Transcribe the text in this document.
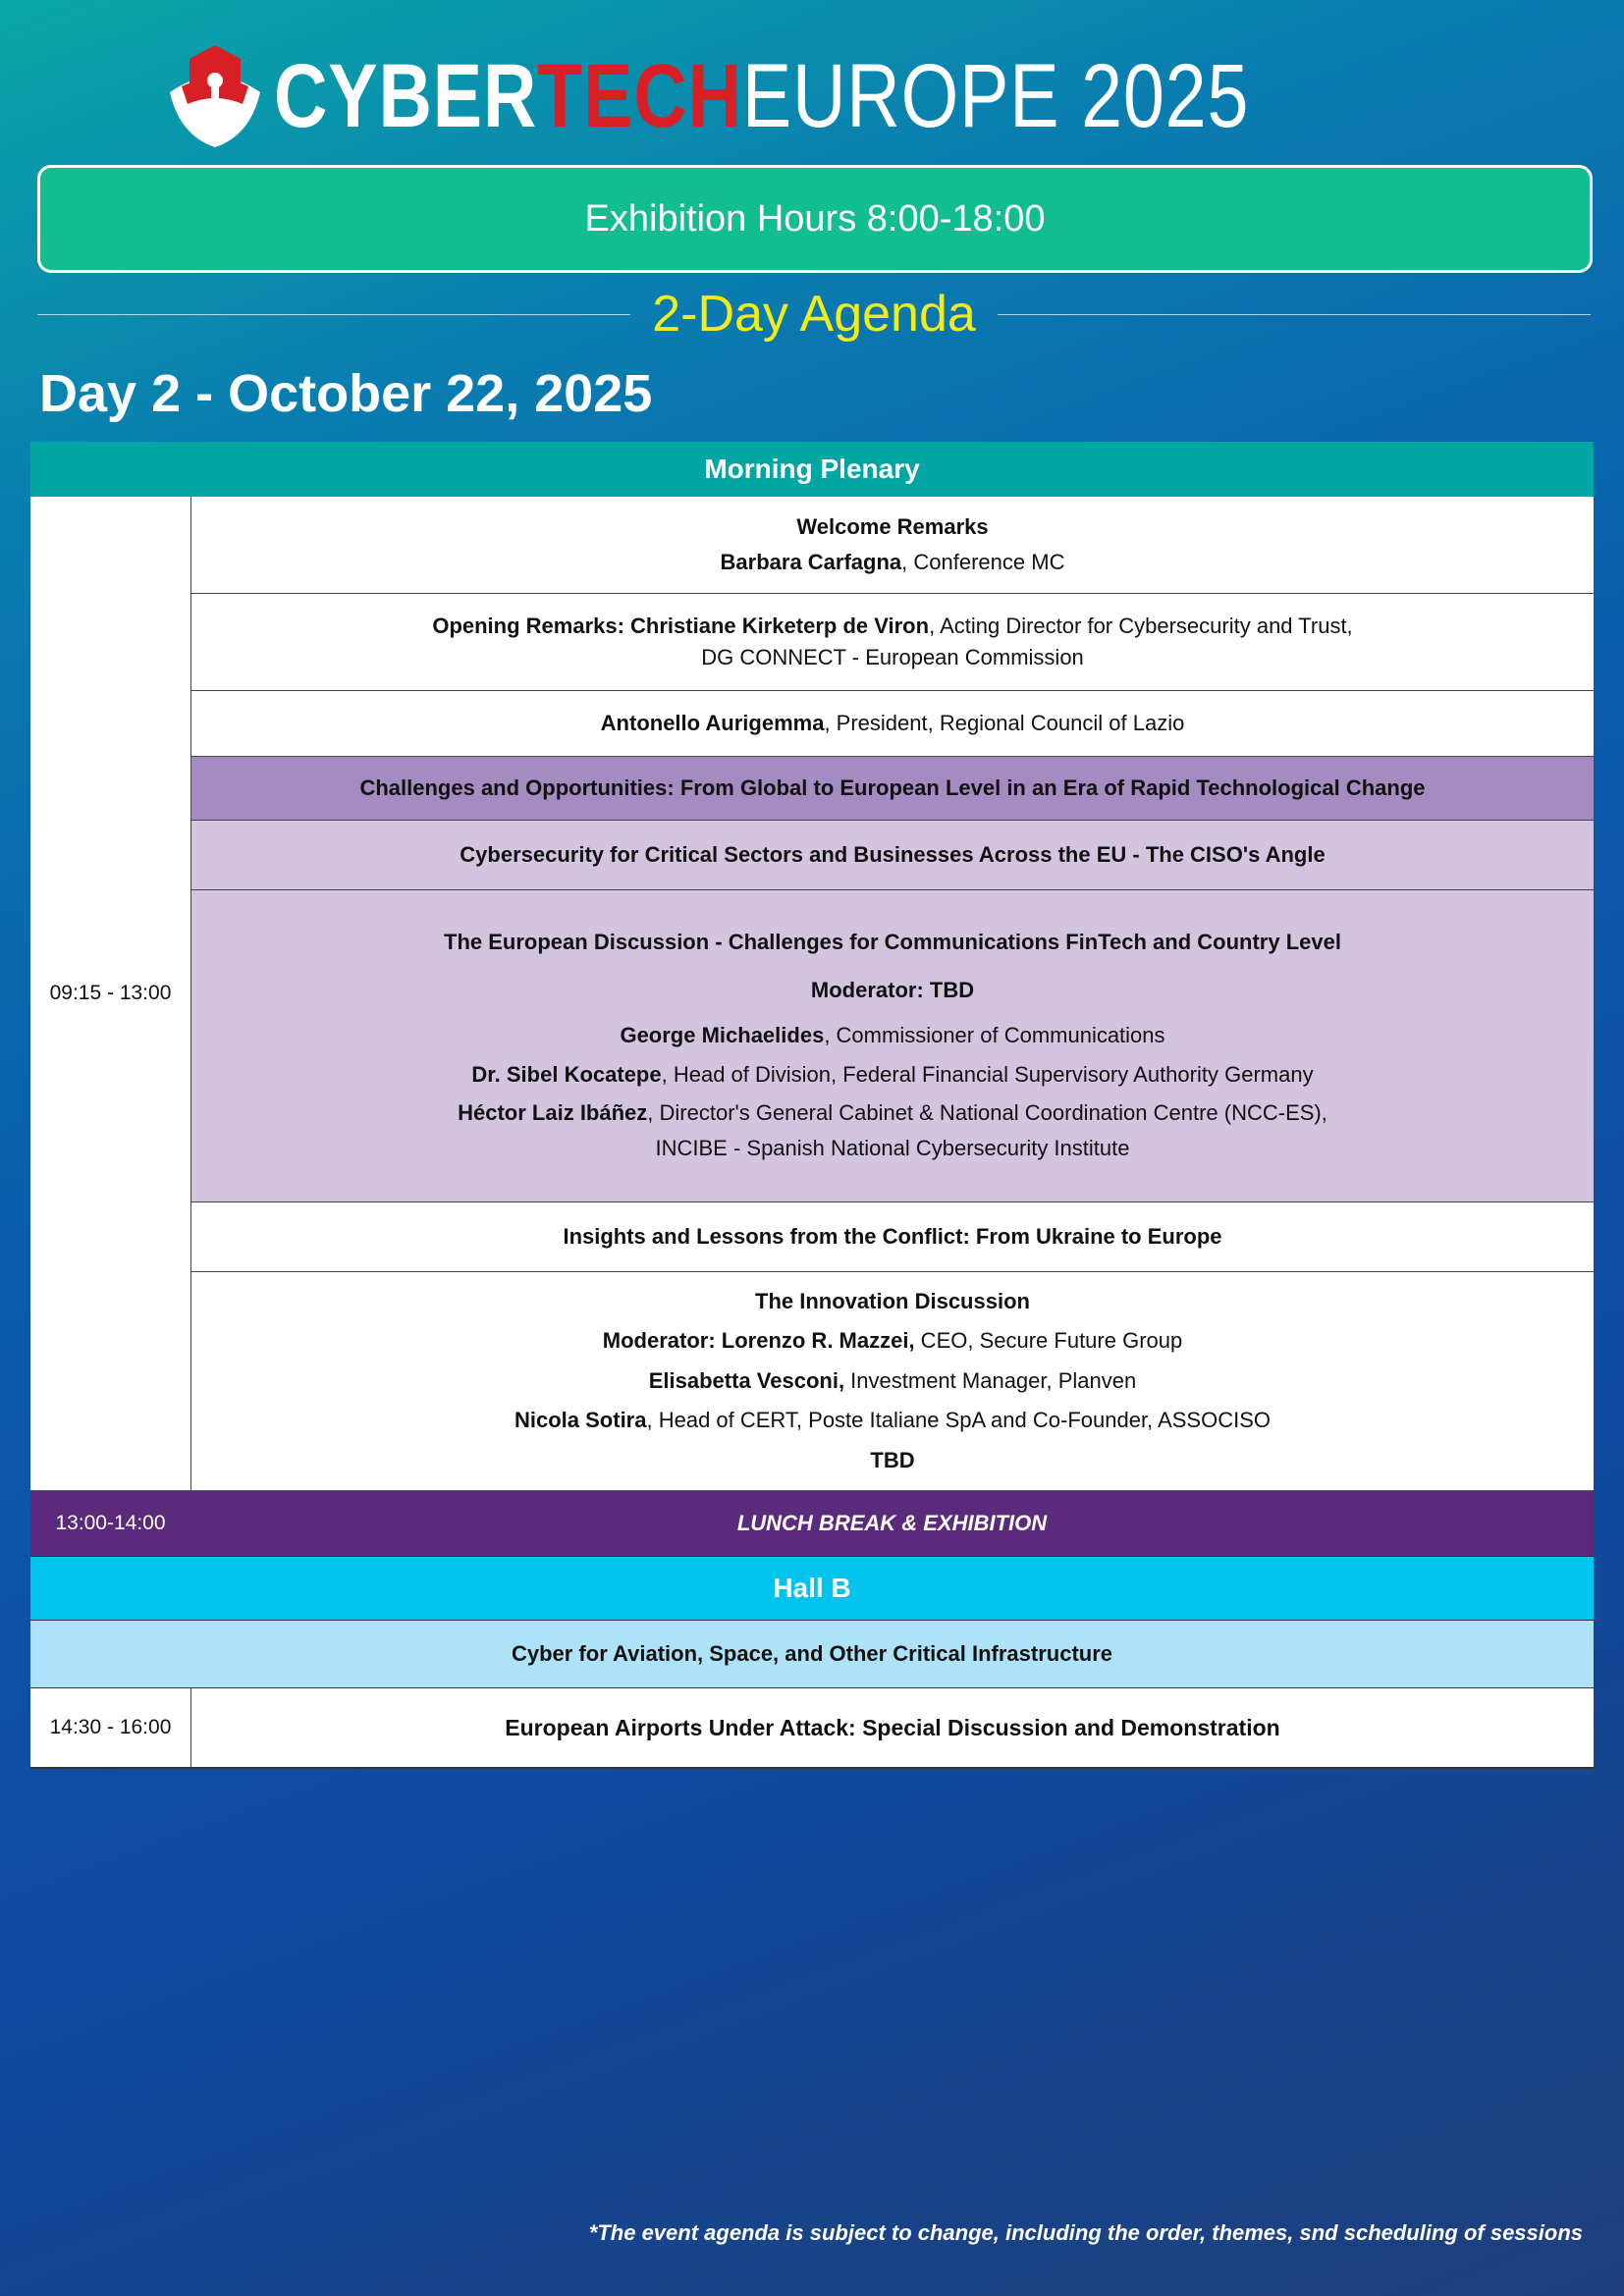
CYBERTECHEUROPE 2025
Exhibition Hours 8:00-18:00
2-Day Agenda
Day 2 - October 22, 2025
Morning Plenary
09:15 - 13:00

Welcome Remarks

Barbara Carfagna, Conference MC

Opening Remarks: Christiane Kirketerp de Viron, Acting Director for Cybersecurity and Trust,

DG CONNECT - European Commission

Antonello Aurigemma, President, Regional Council of Lazio

Challenges and Opportunities: From Global to European Level in an Era of Rapid Technological Change

Cybersecurity for Critical Sectors and Businesses Across the EU - The CISO's Angle

The European Discussion - Challenges for Communications FinTech and Country Level

Moderator: TBD

George Michaelides, Commissioner of Communications

Dr. Sibel Kocatepe, Head of Division, Federal Financial Supervisory Authority Germany

Héctor Laiz Ibáñez, Director's General Cabinet & National Coordination Centre (NCC-ES),

INCIBE - Spanish National Cybersecurity Institute

Insights and Lessons from the Conflict: From Ukraine to Europe

The Innovation Discussion

Moderator: Lorenzo R. Mazzei, CEO, Secure Future Group

Elisabetta Vesconi, Investment Manager, Planven

Nicola Sotira, Head of CERT, Poste Italiane SpA and Co-Founder, ASSOCISO

TBD

13:00-14:00	LUNCH BREAK & EXHIBITION
Hall B
Cyber for Aviation, Space, and Other Critical Infrastructure
14:30 - 16:00	European Airports Under Attack: Special Discussion and Demonstration
*The event agenda is subject to change, including the order, themes, snd scheduling of sessions
